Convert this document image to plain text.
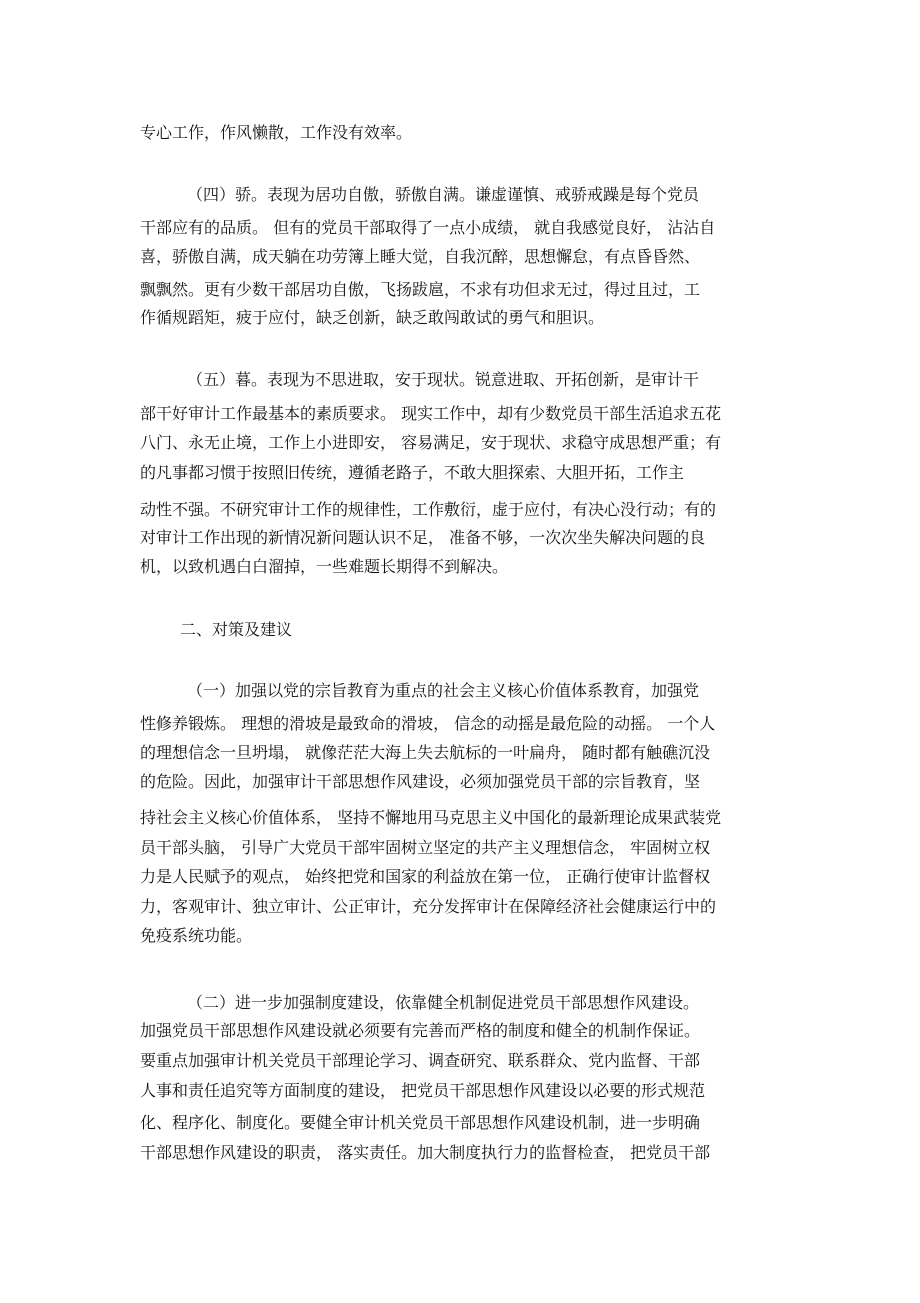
专心工作，作风懒散，工作没有效率。
（四）骄。表现为居功自傲，骄傲自满。谦虚谨慎、戒骄戒躁是每个党员
干部应有的品质。 但有的党员干部取得了一点小成绩， 就自我感觉良好， 沾沾自
喜，骄傲自满，成天躺在功劳簿上睡大觉，自我沉醉，思想懈怠，有点昏昏然、
飘飘然。更有少数干部居功自傲，飞扬跋扈，不求有功但求无过，得过且过，工
作循规蹈矩，疲于应付，缺乏创新，缺乏敢闯敢试的勇气和胆识。
（五）暮。表现为不思进取，安于现状。锐意进取、开拓创新，是审计干
部干好审计工作最基本的素质要求。 现实工作中，却有少数党员干部生活追求五花
八门、永无止境，工作上小进即安， 容易满足，安于现状、求稳守成思想严重；有
的凡事都习惯于按照旧传统，遵循老路子，不敢大胆探索、大胆开拓，工作主
动性不强。不研究审计工作的规律性，工作敷衍，虚于应付，有决心没行动；有的
对审计工作出现的新情况新问题认识不足， 准备不够，一次次坐失解决问题的良
机，以致机遇白白溜掉，一些难题长期得不到解决。
二、对策及建议
（一）加强以党的宗旨教育为重点的社会主义核心价值体系教育，加强党
性修养锻炼。 理想的滑坡是最致命的滑坡， 信念的动摇是最危险的动摇。 一个人
的理想信念一旦坍塌， 就像茫茫大海上失去航标的一叶扁舟， 随时都有触礁沉没
的危险。因此，加强审计干部思想作风建设，必须加强党员干部的宗旨教育，坚
持社会主义核心价值体系， 坚持不懈地用马克思主义中国化的最新理论成果武装党
员干部头脑， 引导广大党员干部牢固树立坚定的共产主义理想信念， 牢固树立权
力是人民赋予的观点， 始终把党和国家的利益放在第一位， 正确行使审计监督权
力，客观审计、独立审计、公正审计，充分发挥审计在保障经济社会健康运行中的
免疫系统功能。
（二）进一步加强制度建设，依靠健全机制促进党员干部思想作风建设。
加强党员干部思想作风建设就必须要有完善而严格的制度和健全的机制作保证。
要重点加强审计机关党员干部理论学习、调查研究、联系群众、党内监督、干部
人事和责任追究等方面制度的建设， 把党员干部思想作风建设以必要的形式规范
化、程序化、制度化。要健全审计机关党员干部思想作风建设机制，进一步明确
干部思想作风建设的职责， 落实责任。加大制度执行力的监督检查， 把党员干部
